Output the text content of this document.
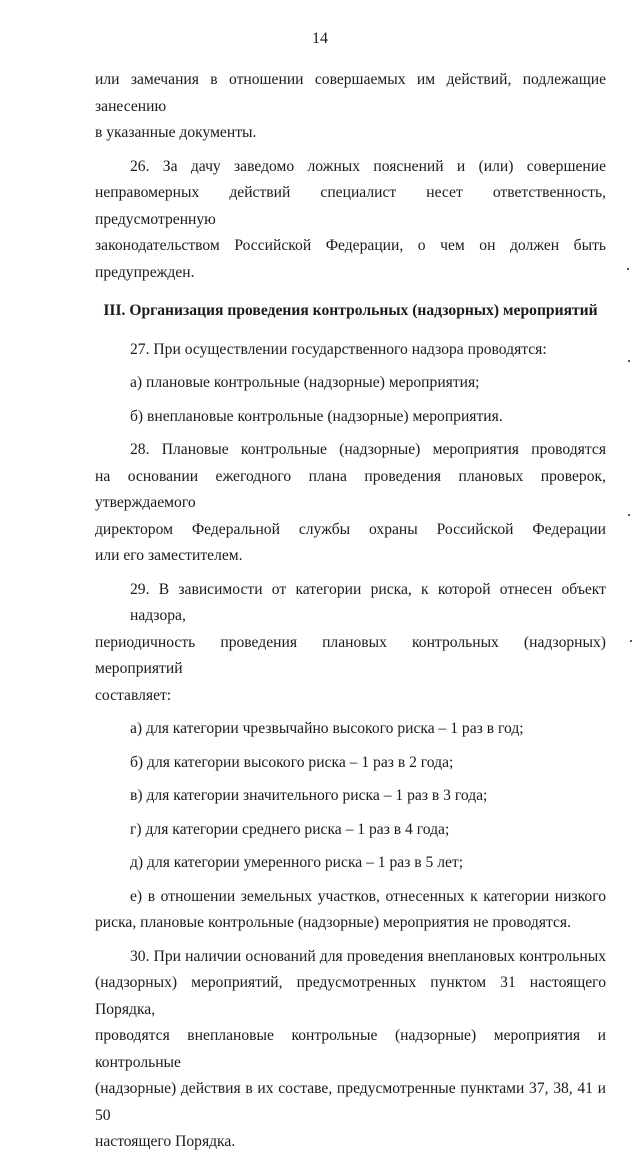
14

или замечания в отношении совершаемых им действий, подлежащие занесению

в указанные документы.

26. За дачу заведомо ложных пояснений и (или) совершение
неправомерных действий специалист несет ответственность, предусмотренную
законодательством Российской Федерации, о чем он должен быть

предупрежден.

III. Организация проведения контрольных (надзорных) мероприятий

27. При осуществлении государственного надзора проводятся:

а) плановые контрольные (надзорные) мероприятия;

б) внеплановые контрольные (надзорные) мероприятия.

28. Плановые контрольные (надзорные) мероприятия проводятся
на основании ежегодного плана проведения плановых проверок, утверждаемого
директором Федеральной службы охраны Российской Федерации

или его заместителем.

29. В зависимости от категории риска, к которой отнесен объект надзора,
периодичность проведения плановых контрольных (надзорных) мероприятий

составляет:

а) для категории чрезвычайно высокого риска – 1 раз в год;

б) для категории высокого риска – 1 раз в 2 года;

в) для категории значительного риска – 1 раз в 3 года;

г) для категории среднего риска – 1 раз в 4 года;

д) для категории умеренного риска – 1 раз в 5 лет;

е) в отношении земельных участков, отнесенных к категории низкого

риска, плановые контрольные (надзорные) мероприятия не проводятся.

30. При наличии оснований для проведения внеплановых контрольных
(надзорных) мероприятий, предусмотренных пунктом 31 настоящего Порядка,
проводятся внеплановые контрольные (надзорные) мероприятия и контрольные
(надзорные) действия в их составе, предусмотренные пунктами 37, 38, 41 и 50

настоящего Порядка.
